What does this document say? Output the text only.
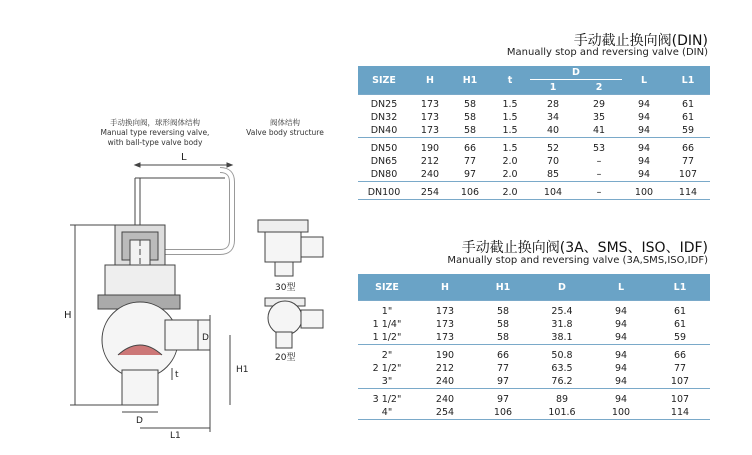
手动换向阀，球形阀体结构
Manual type reversing valve,
with ball-type valve body
阀体结构
Valve body structure
L
H
H1
D
D
L1
t
30型
20型
手动截止换向阀(DIN)
Manually stop and reversing valve (DIN)
SIZE	H	H1	t	D		L	L1
				1	2		
DN25	173	58	1.5	28	29	94	61
DN32	173	58	1.5	34	35	94	61
DN40	173	58	1.5	40	41	94	59
DN50	190	66	1.5	52	53	94	66
DN65	212	77	2.0	70	–	94	77
DN80	240	97	2.0	85	–	94	107
DN100	254	106	2.0	104	–	100	114
手动截止换向阀(3A、SMS、ISO、IDF)
Manually stop and reversing valve (3A,SMS,ISO,IDF)
SIZE	H	H1	D	L	L1
1"	173	58	25.4	94	61
1 1/4"	173	58	31.8	94	61
1 1/2"	173	58	38.1	94	59
2"	190	66	50.8	94	66
2 1/2"	212	77	63.5	94	77
3"	240	97	76.2	94	107
3 1/2"	240	97	89	94	107
4"	254	106	101.6	100	114
